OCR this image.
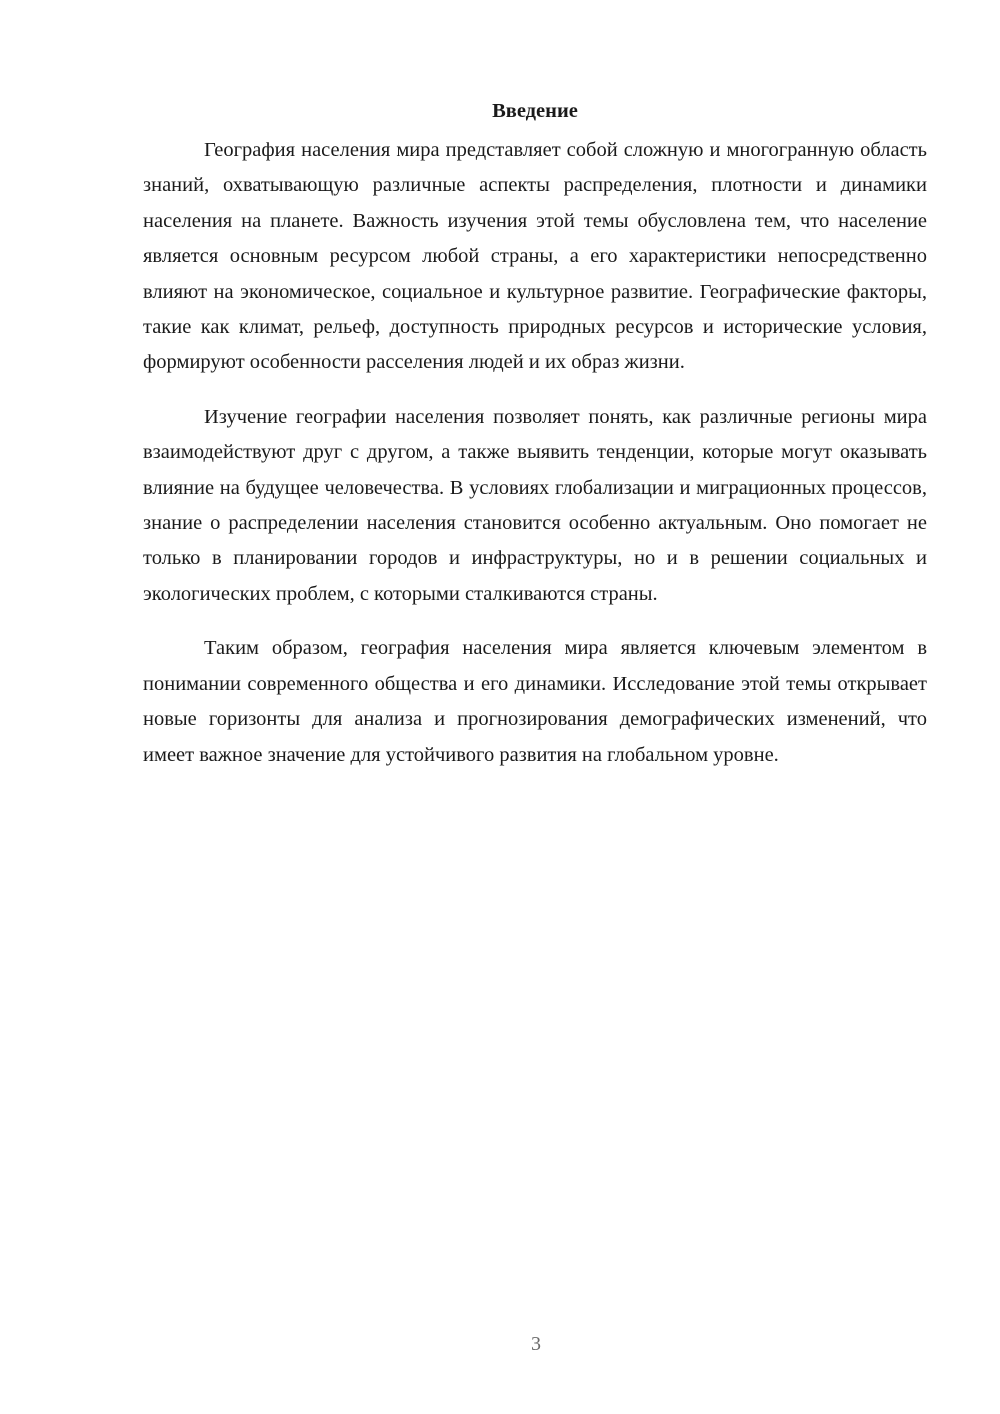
Введение

География населения мира представляет собой сложную и многогранную область знаний, охватывающую различные аспекты распределения, плотности и динамики населения на планете. Важность изучения этой темы обусловлена тем, что население является основным ресурсом любой страны, а его характеристики непосредственно влияют на экономическое, социальное и культурное развитие. Географические факторы, такие как климат, рельеф, доступность природных ресурсов и исторические условия, формируют особенности расселения людей и их образ жизни.

Изучение географии населения позволяет понять, как различные регионы мира взаимодействуют друг с другом, а также выявить тенденции, которые могут оказывать влияние на будущее человечества. В условиях глобализации и миграционных процессов, знание о распределении населения становится особенно актуальным. Оно помогает не только в планировании городов и инфраструктуры, но и в решении социальных и экологических проблем, с которыми сталкиваются страны.

Таким образом, география населения мира является ключевым элементом в понимании современного общества и его динамики. Исследование этой темы открывает новые горизонты для анализа и прогнозирования демографических изменений, что имеет важное значение для устойчивого развития на глобальном уровне.

3
